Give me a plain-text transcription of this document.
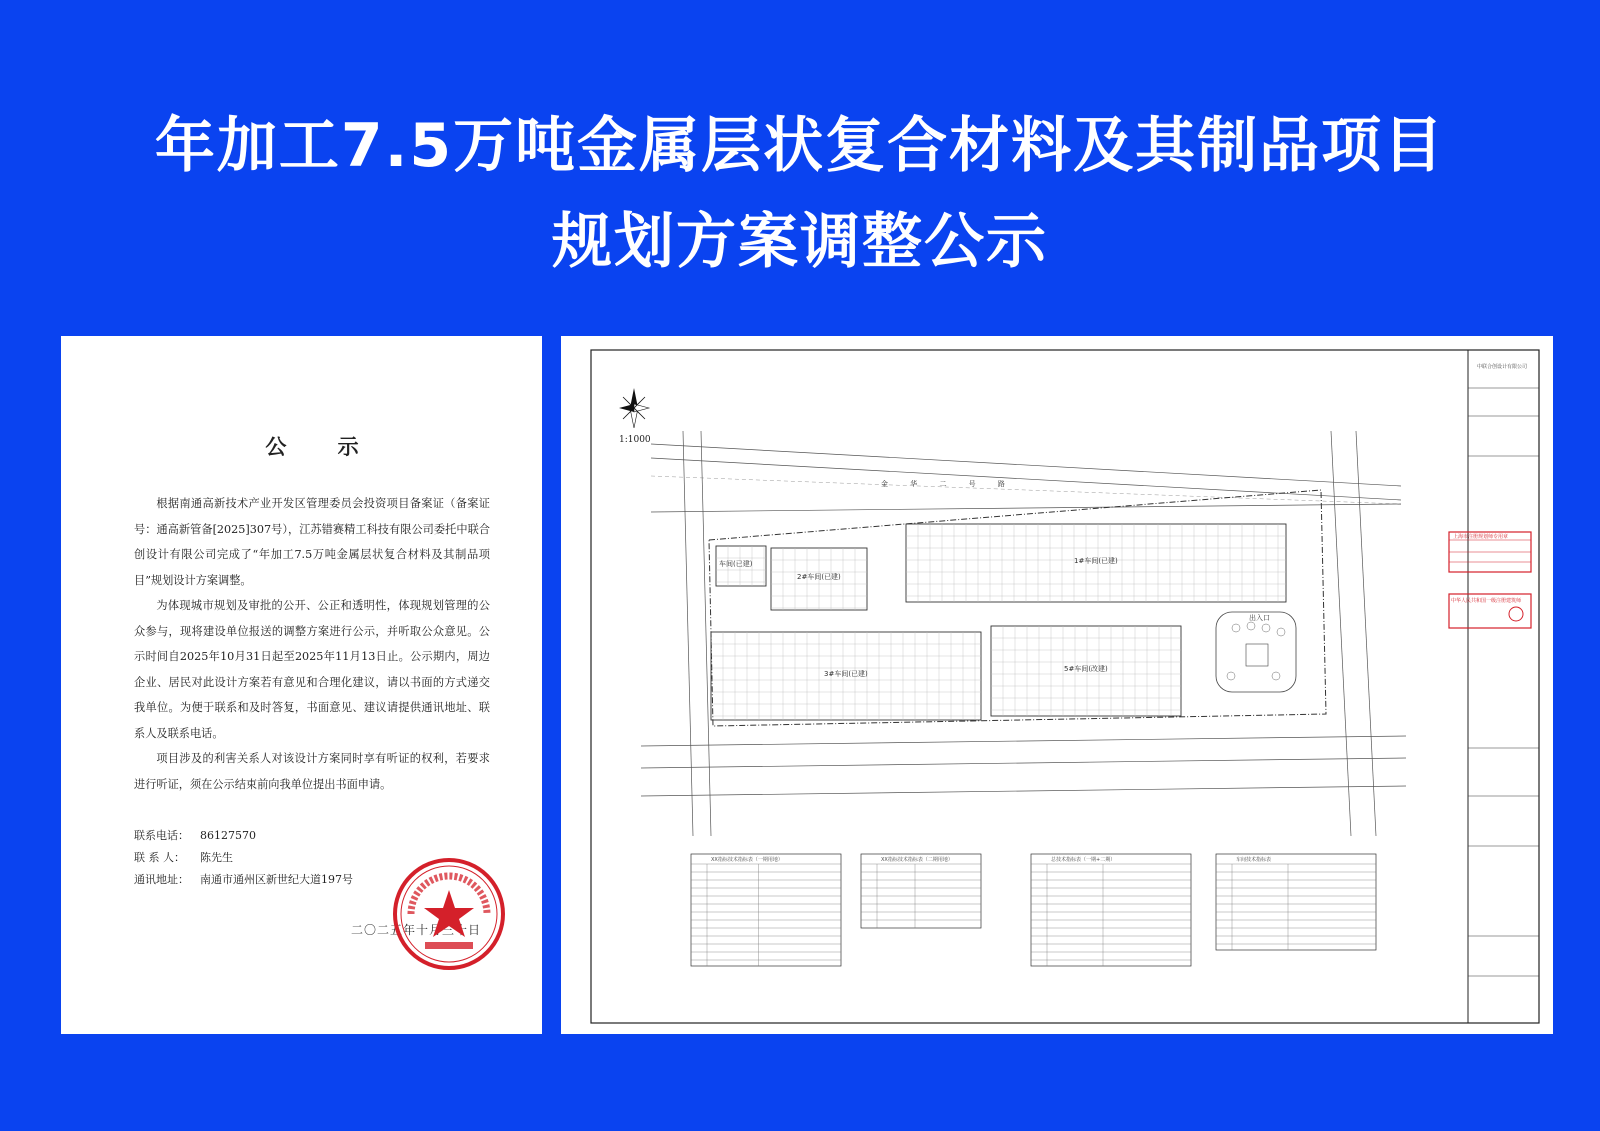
年加工7.5万吨金属层状复合材料及其制品项目
规划方案调整公示
公 示

根据南通高新技术产业开发区管理委员会投资项目备案证（备案证号：通高新管备[2025]307号），江苏错赛精工科技有限公司委托中联合创设计有限公司完成了“年加工7.5万吨金属层状复合材料及其制品项目”规划设计方案调整。

为体现城市规划及审批的公开、公正和透明性，体现规划管理的公众参与，现将建设单位报送的调整方案进行公示，并听取公众意见。公示时间自2025年10月31日起至2025年11月13日止。公示期内，周边企业、居民对此设计方案若有意见和合理化建议，请以书面的方式递交我单位。为便于联系和及时答复，书面意见、建议请提供通讯地址、联系人及联系电话。

项目涉及的利害关系人对该设计方案同时享有听证的权利，若要求进行听证，须在公示结束前向我单位提出书面申请。

联系电话：	86127570
联 系 人：	陈先生
通讯地址：	南通市通州区新世纪大道197号
二〇二五年十月三十日
1:1000
金 华 二 号 路
2#车间(已建)
1#车间(已建)
3#车间(已建)
5#车间(改建)
车间(已建)
出入口
XX指标技术指标表（一期用地）	XX指标技术指标表（二期用地）	总技术指标表（一期+二期）	车间技术指标表
中联合创设计有限公司
上海市注册规划师专用章
中华人民共和国一级注册建筑师
